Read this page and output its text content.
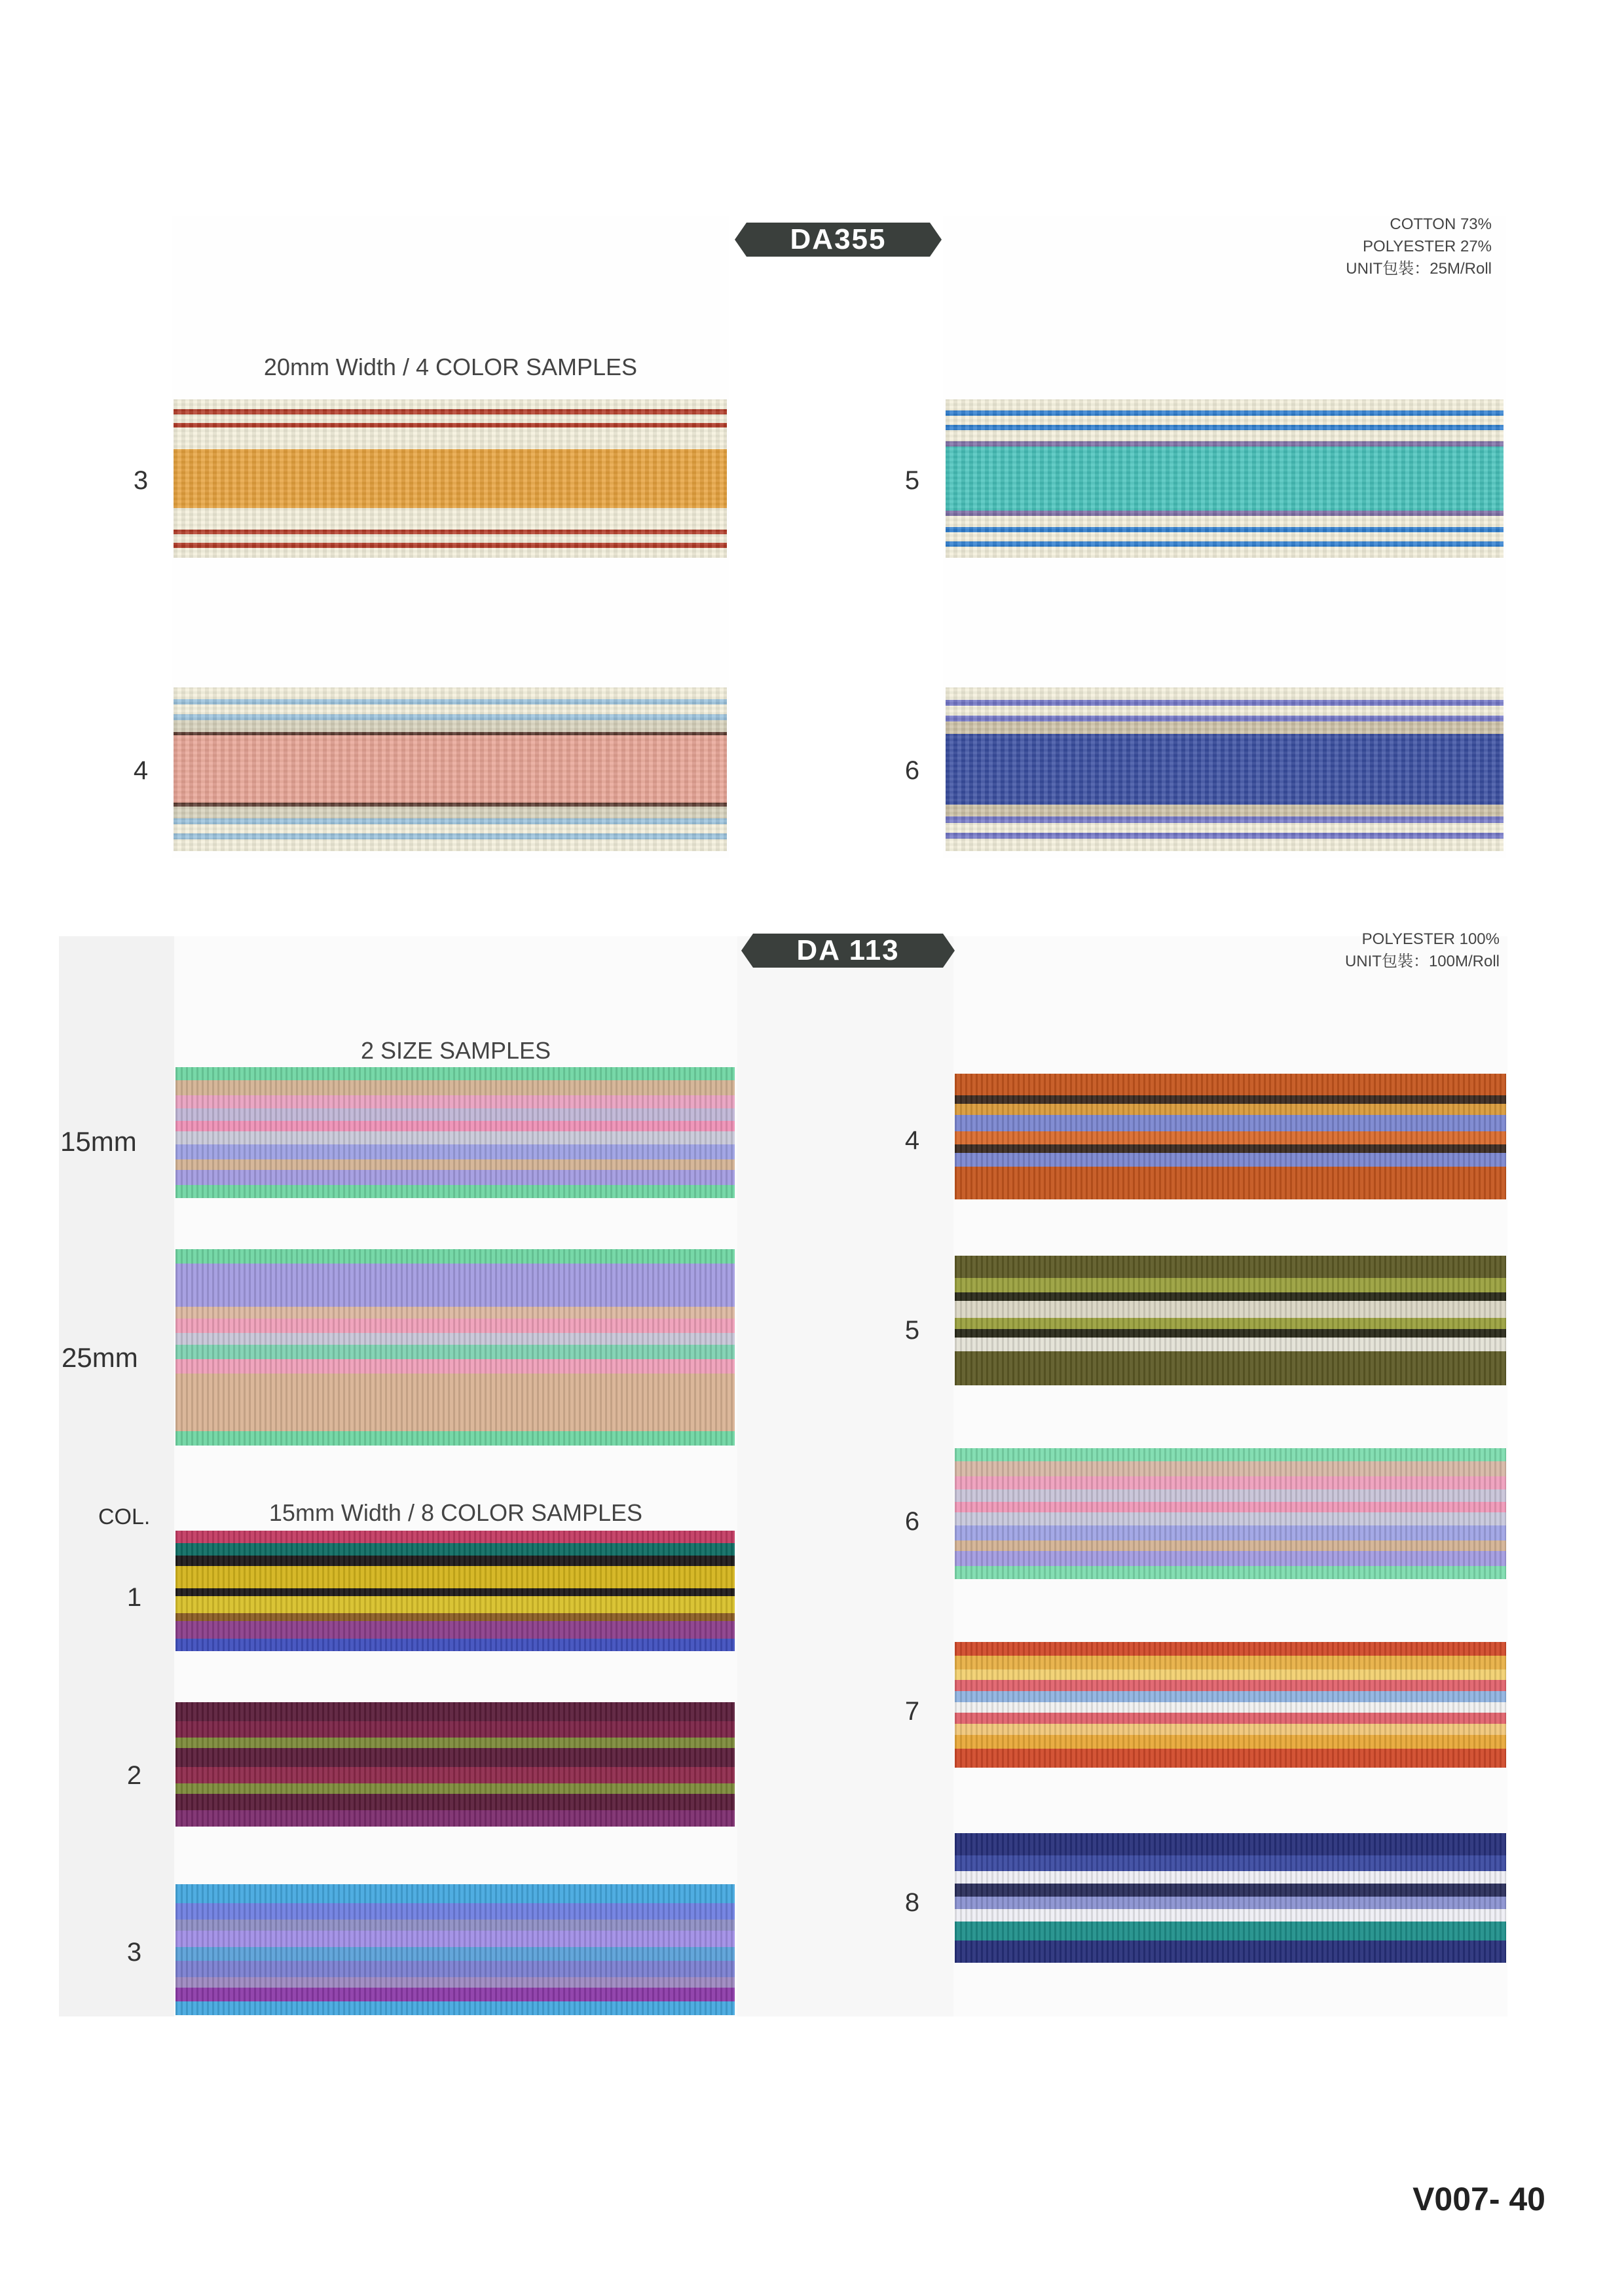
DA355	COTTON 73%
POLYESTER 27%
UNIT包裝：25M/Roll
20mm Width / 4 COLOR SAMPLES
3
4
5
6
DA 113	POLYESTER 100%
UNIT包裝：100M/Roll
2 SIZE SAMPLES
15mm Width / 8 COLOR SAMPLES
15mm
25mm
COL.
1
2
3
4
5
6
7
8
V007- 40
